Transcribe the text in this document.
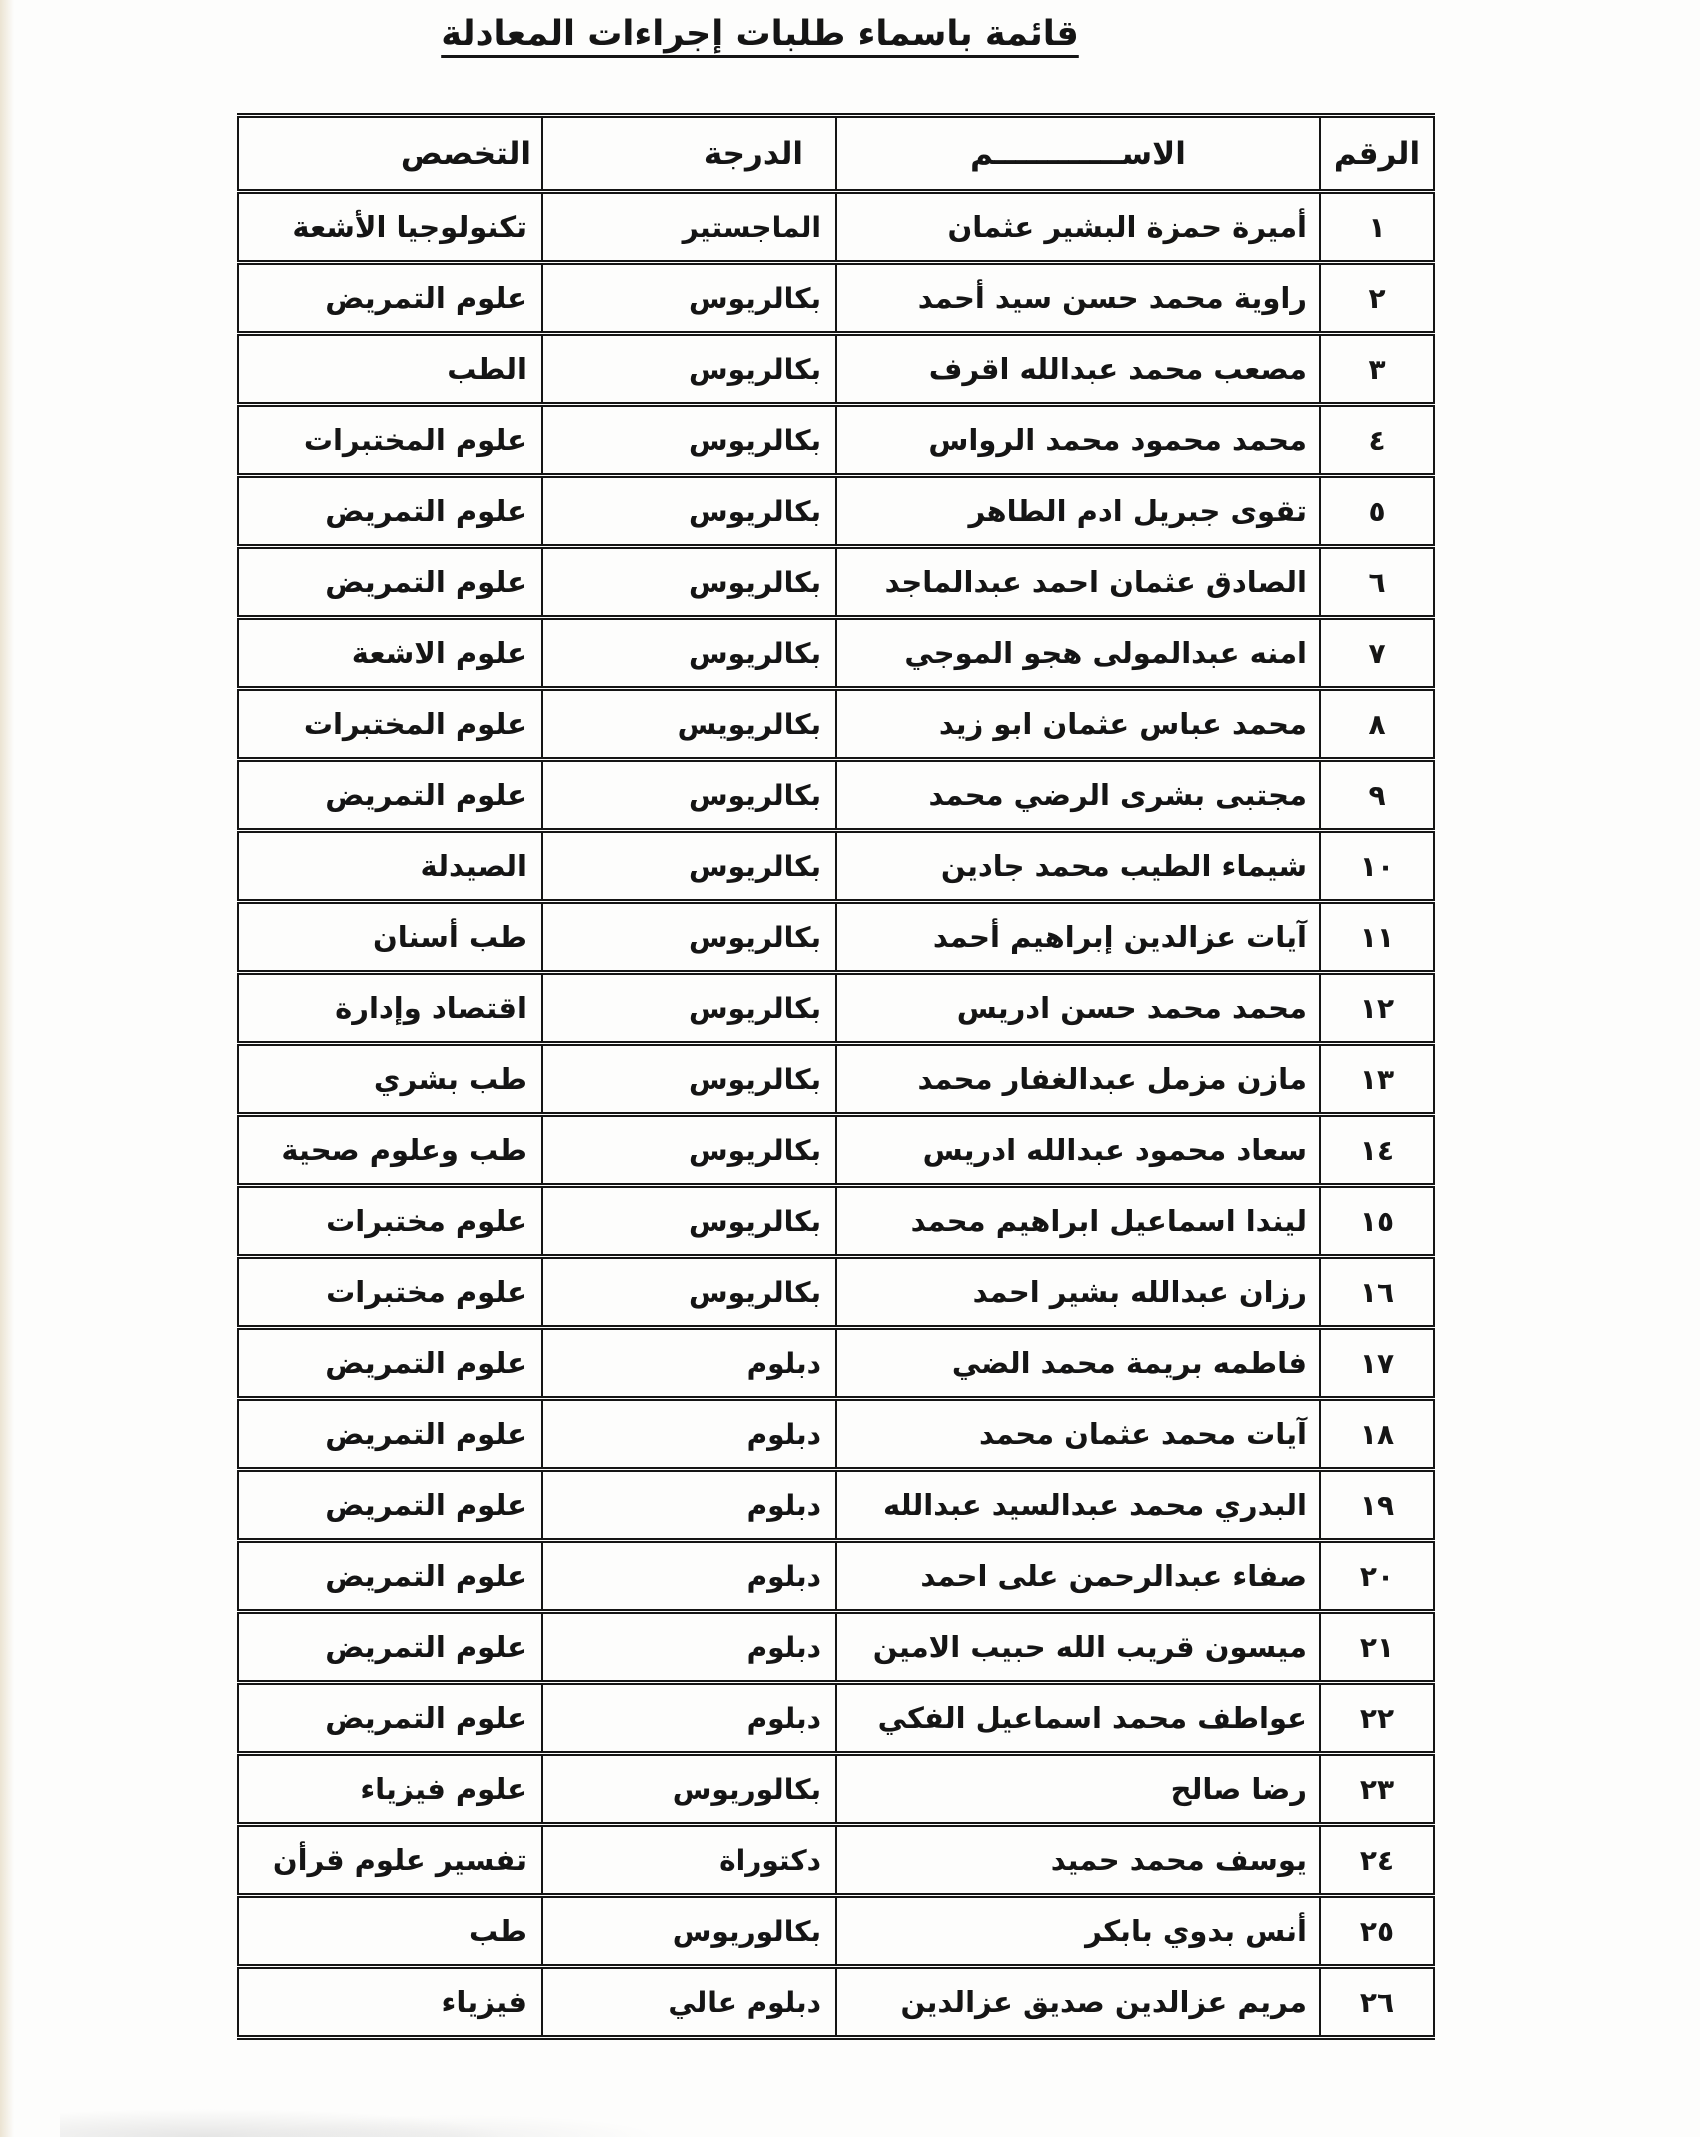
قائمة باسماء طلبات إجراءات المعادلة
الرقم	الاســــــــــــم	الدرجة	التخصص
١	أميرة حمزة البشير عثمان	الماجستير	تكنولوجيا الأشعة
٢	راوية محمد حسن سيد أحمد	بكالريوس	علوم التمريض
٣	مصعب محمد عبدالله اقرف	بكالريوس	الطب
٤	محمد محمود محمد الرواس	بكالريوس	علوم المختبرات
٥	تقوى جبريل ادم الطاهر	بكالريوس	علوم التمريض
٦	الصادق عثمان احمد عبدالماجد	بكالريوس	علوم التمريض
٧	امنه عبدالمولى هجو الموجي	بكالريوس	علوم الاشعة
٨	محمد عباس عثمان ابو زيد	بكالريويس	علوم المختبرات
٩	مجتبى بشرى الرضي محمد	بكالريوس	علوم التمريض
١٠	شيماء الطيب محمد جادين	بكالريوس	الصيدلة
١١	آيات عزالدين إبراهيم أحمد	بكالريوس	طب أسنان
١٢	محمد محمد حسن ادريس	بكالريوس	اقتصاد وإدارة
١٣	مازن مزمل عبدالغفار محمد	بكالريوس	طب بشري
١٤	سعاد محمود عبدالله ادريس	بكالريوس	طب وعلوم صحية
١٥	ليندا اسماعيل ابراهيم محمد	بكالريوس	علوم مختبرات
١٦	رزان عبدالله بشير احمد	بكالريوس	علوم مختبرات
١٧	فاطمه بريمة محمد الضي	دبلوم	علوم التمريض
١٨	آيات محمد عثمان محمد	دبلوم	علوم التمريض
١٩	البدري محمد عبدالسيد عبدالله	دبلوم	علوم التمريض
٢٠	صفاء عبدالرحمن على احمد	دبلوم	علوم التمريض
٢١	ميسون قريب الله حبيب الامين	دبلوم	علوم التمريض
٢٢	عواطف محمد اسماعيل الفكي	دبلوم	علوم التمريض
٢٣	رضا صالح	بكالوريوس	علوم فيزياء
٢٤	يوسف محمد حميد	دكتوراة	تفسير علوم قرأن
٢٥	أنس بدوي بابكر	بكالوريوس	طب
٢٦	مريم عزالدين صديق عزالدين	دبلوم عالي	فيزياء
